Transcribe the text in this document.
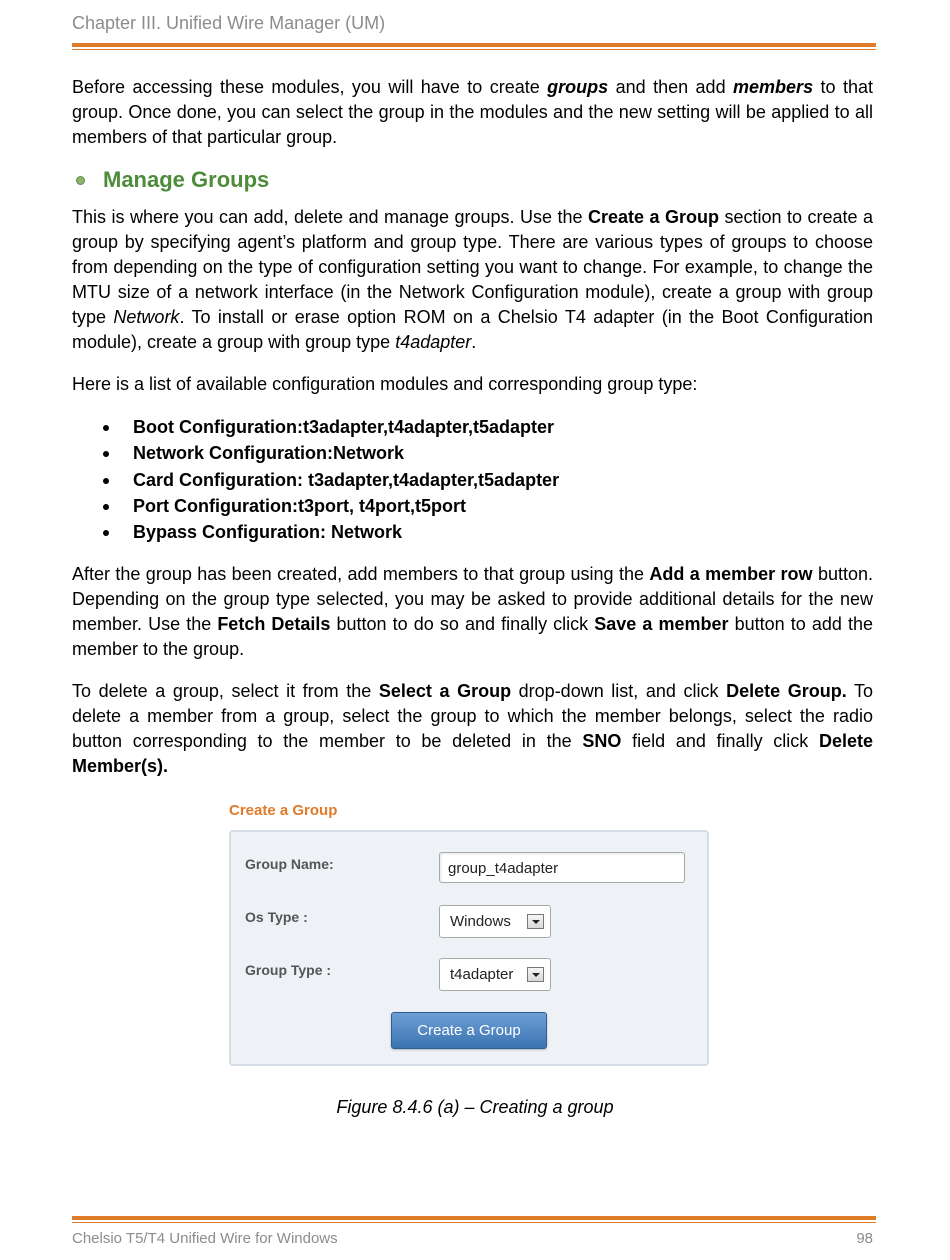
Chapter III. Unified Wire Manager (UM)

Before accessing these modules, you will have to create groups and then add members to that group. Once done, you can select the group in the modules and the new setting will be applied to all members of that particular group.

Manage Groups

This is where you can add, delete and manage groups. Use the Create a Group section to create a group by specifying agent’s platform and group type. There are various types of groups to choose from depending on the type of configuration setting you want to change. For example, to change the MTU size of a network interface (in the Network Configuration module), create a group with group type Network. To install or erase option ROM on a Chelsio T4 adapter (in the Boot Configuration module), create a group with group type t4adapter.

Here is a list of available configuration modules and corresponding group type:

Boot Configuration:t3adapter,t4adapter,t5adapter
Network Configuration:Network
Card Configuration: t3adapter,t4adapter,t5adapter
Port Configuration:t3port, t4port,t5port
Bypass Configuration: Network

After the group has been created, add members to that group using the Add a member row button. Depending on the group type selected, you may be asked to provide additional details for the new member. Use the Fetch Details button to do so and finally click Save a member button to add the member to the group.

To delete a group, select it from the Select a Group drop-down list, and click Delete Group. To delete a member from a group, select the group to which the member belongs, select the radio button corresponding to the member to be deleted in the SNO field and finally click Delete Member(s).

Create a Group
Group Name:	group_t4adapter
Os Type :	Windows
Group Type :	t4adapter
Create a Group
Figure 8.4.6 (a) – Creating a group
Chelsio T5/T4 Unified Wire for Windows	98
